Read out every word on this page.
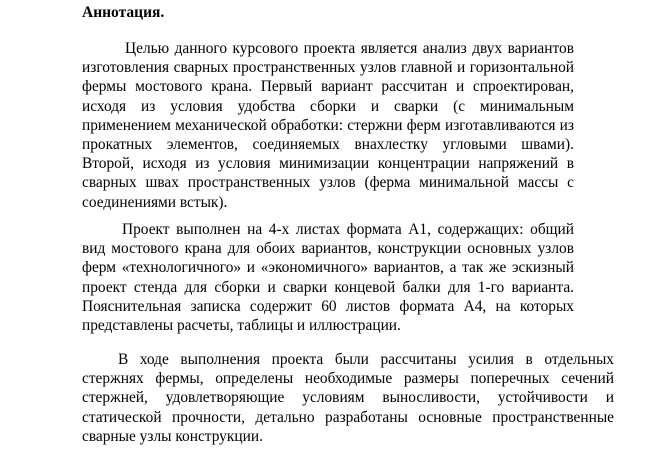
Аннотация.

Целью данного курсового проекта является анализ двух вариантов изготовления сварных пространственных узлов главной и горизонтальной фермы мостового крана. Первый вариант рассчитан и спроектирован, исходя из условия удобства сборки и сварки (с минимальным применением механической обработки: стержни ферм изготавливаются из прокатных элементов, соединяемых внахлестку угловыми швами). Второй, исходя из условия минимизации концентрации напряжений в сварных швах пространственных узлов (ферма минимальной массы с соединениями встык).

Проект выполнен на 4-х листах формата А1, содержащих: общий вид мостового крана для обоих вариантов, конструкции основных узлов ферм «технологичного» и «экономичного» вариантов, а так же эскизный проект стенда для сборки и сварки концевой балки для 1-го варианта. Пояснительная записка содержит 60 листов формата А4, на которых представлены расчеты, таблицы и иллюстрации.

В ходе выполнения проекта были рассчитаны усилия в отдельных стержнях фермы, определены необходимые размеры поперечных сечений стержней, удовлетворяющие условиям выносливости, устойчивости и статической прочности, детально разработаны основные пространственные сварные узлы конструкции.
